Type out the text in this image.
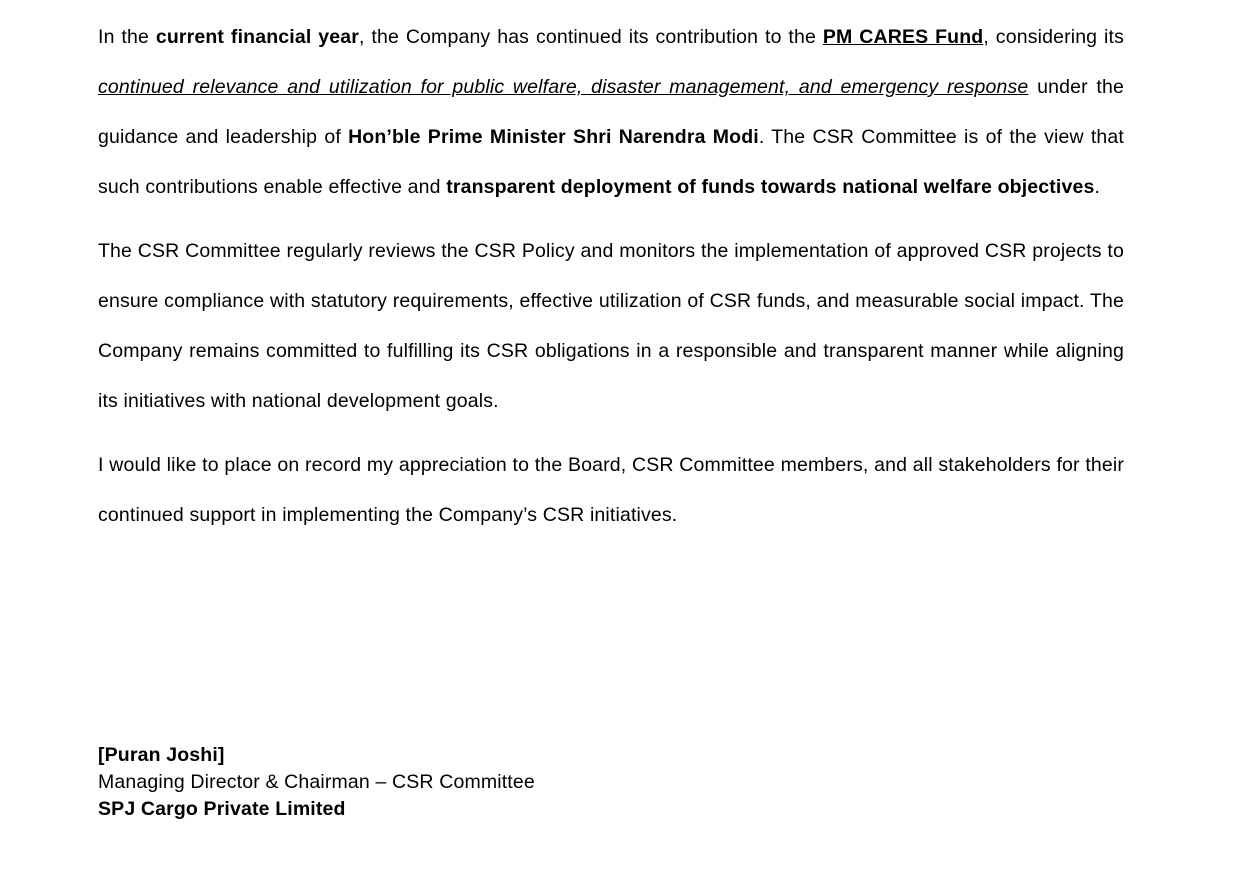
In the current financial year, the Company has continued its contribution to the PM CARES Fund, considering its continued relevance and utilization for public welfare, disaster management, and emergency response under the guidance and leadership of Hon’ble Prime Minister Shri Narendra Modi. The CSR Committee is of the view that such contributions enable effective and transparent deployment of funds towards national welfare objectives.

The CSR Committee regularly reviews the CSR Policy and monitors the implementation of approved CSR projects to ensure compliance with statutory requirements, effective utilization of CSR funds, and measurable social impact. The Company remains committed to fulfilling its CSR obligations in a responsible and transparent manner while aligning its initiatives with national development goals.

I would like to place on record my appreciation to the Board, CSR Committee members, and all stakeholders for their continued support in implementing the Company’s CSR initiatives.

[Puran Joshi]
Managing Director & Chairman – CSR Committee
SPJ Cargo Private Limited
